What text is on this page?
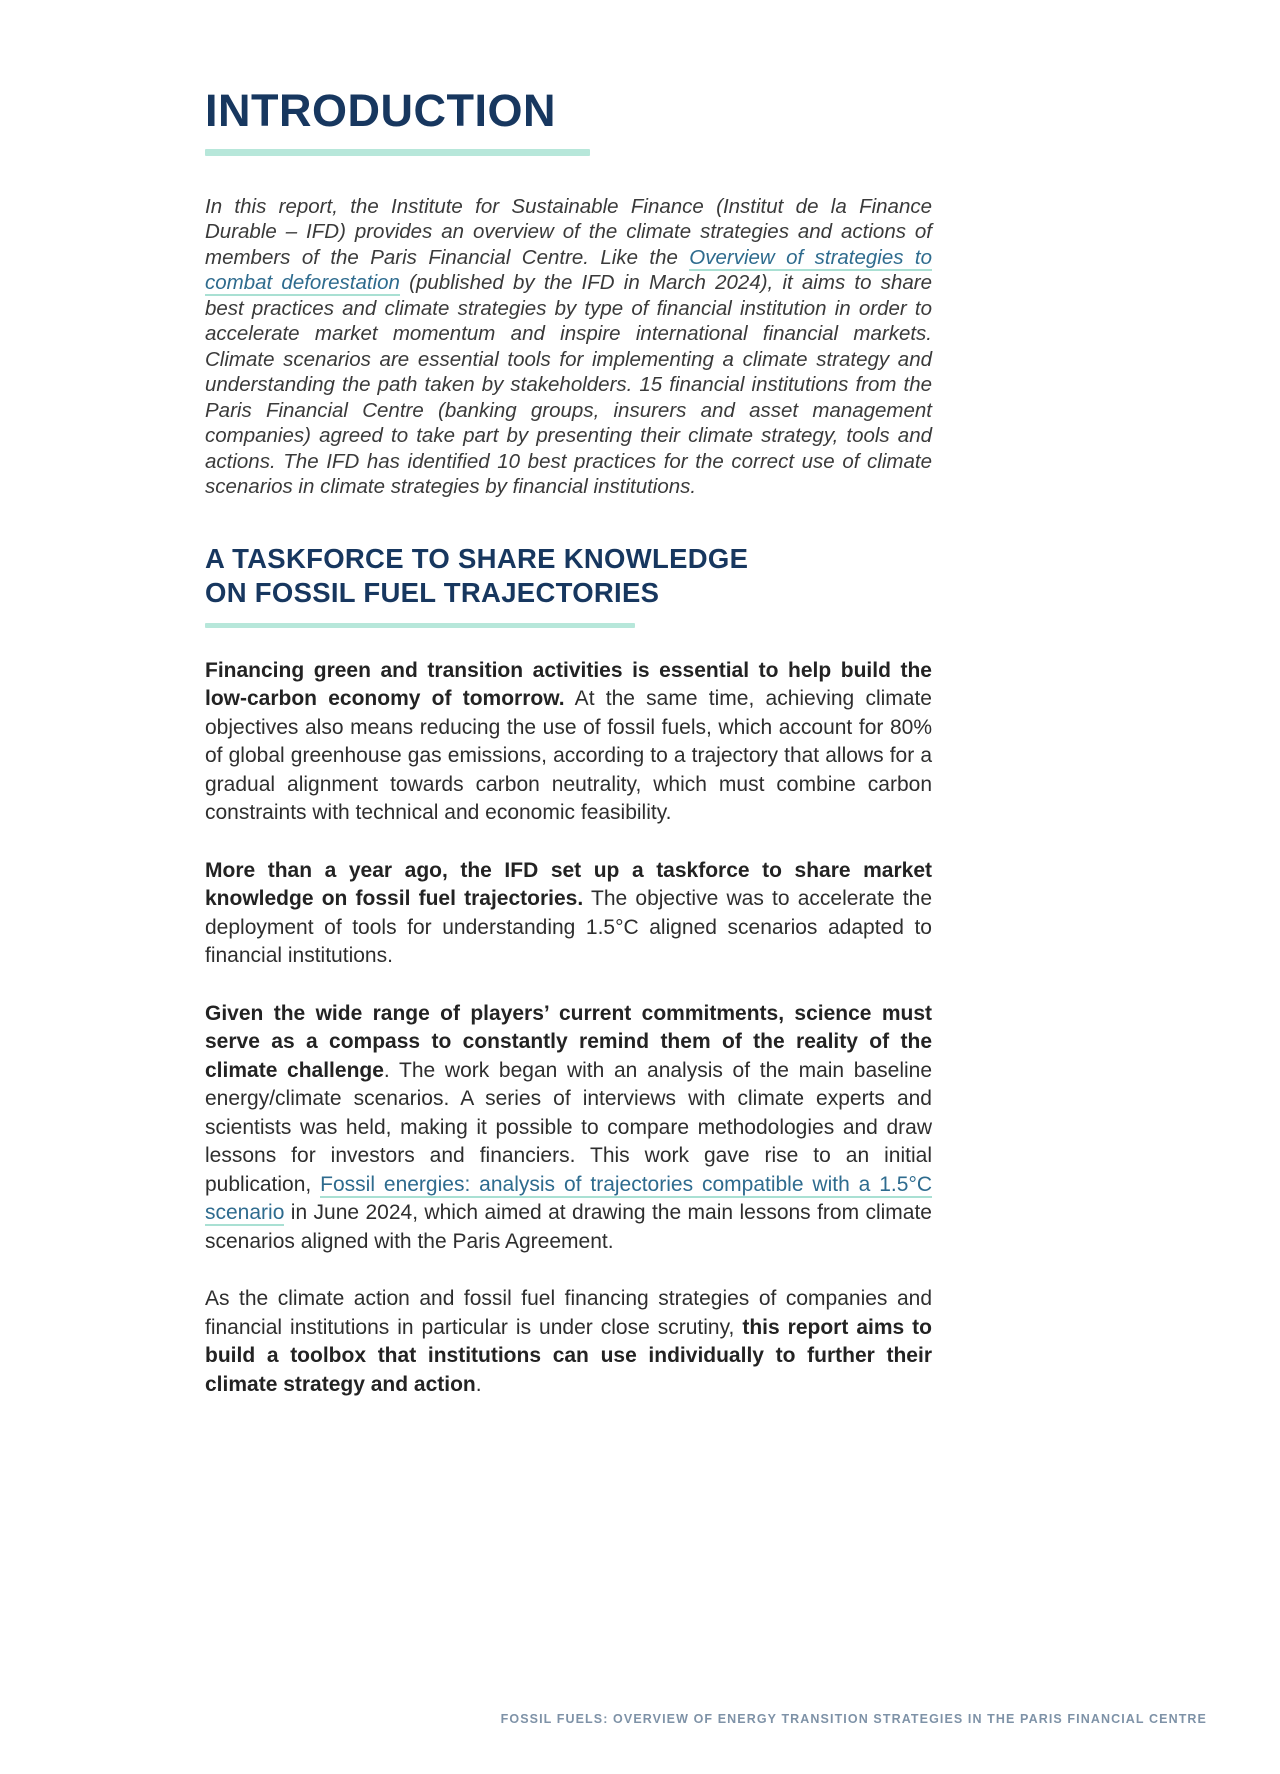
INTRODUCTION

In this report, the Institute for Sustainable Finance (Institut de la Finance Durable – IFD) provides an overview of the climate strategies and actions of members of the Paris Financial Centre. Like the Overview of strategies to combat deforestation (published by the IFD in March 2024), it aims to share best practices and climate strategies by type of financial institution in order to accelerate market momentum and inspire international financial markets. Climate scenarios are essential tools for implementing a climate strategy and understanding the path taken by stakeholders. 15 financial institutions from the Paris Financial Centre (banking groups, insurers and asset management companies) agreed to take part by presenting their climate strategy, tools and actions. The IFD has identified 10 best practices for the correct use of climate scenarios in climate strategies by financial institutions.

A TASKFORCE TO SHARE KNOWLEDGE
ON FOSSIL FUEL TRAJECTORIES

Financing green and transition activities is essential to help build the low-carbon economy of tomorrow. At the same time, achieving climate objectives also means reducing the use of fossil fuels, which account for 80% of global greenhouse gas emissions, according to a trajectory that allows for a gradual alignment towards carbon neutrality, which must combine carbon constraints with technical and economic feasibility.

More than a year ago, the IFD set up a taskforce to share market knowledge on fossil fuel trajectories. The objective was to accelerate the deployment of tools for understanding 1.5°C aligned scenarios adapted to financial institutions.

Given the wide range of players’ current commitments, science must serve as a compass to constantly remind them of the reality of the climate challenge. The work began with an analysis of the main baseline energy/climate scenarios. A series of interviews with climate experts and scientists was held, making it possible to compare methodologies and draw lessons for investors and financiers. This work gave rise to an initial publication, Fossil energies: analysis of trajectories compatible with a 1.5°C scenario in June 2024, which aimed at drawing the main lessons from climate scenarios aligned with the Paris Agreement.

As the climate action and fossil fuel financing strategies of companies and financial institutions in particular is under close scrutiny, this report aims to build a toolbox that institutions can use individually to further their climate strategy and action.

FOSSIL FUELS: OVERVIEW OF ENERGY TRANSITION STRATEGIES IN THE PARIS FINANCIAL CENTRE
